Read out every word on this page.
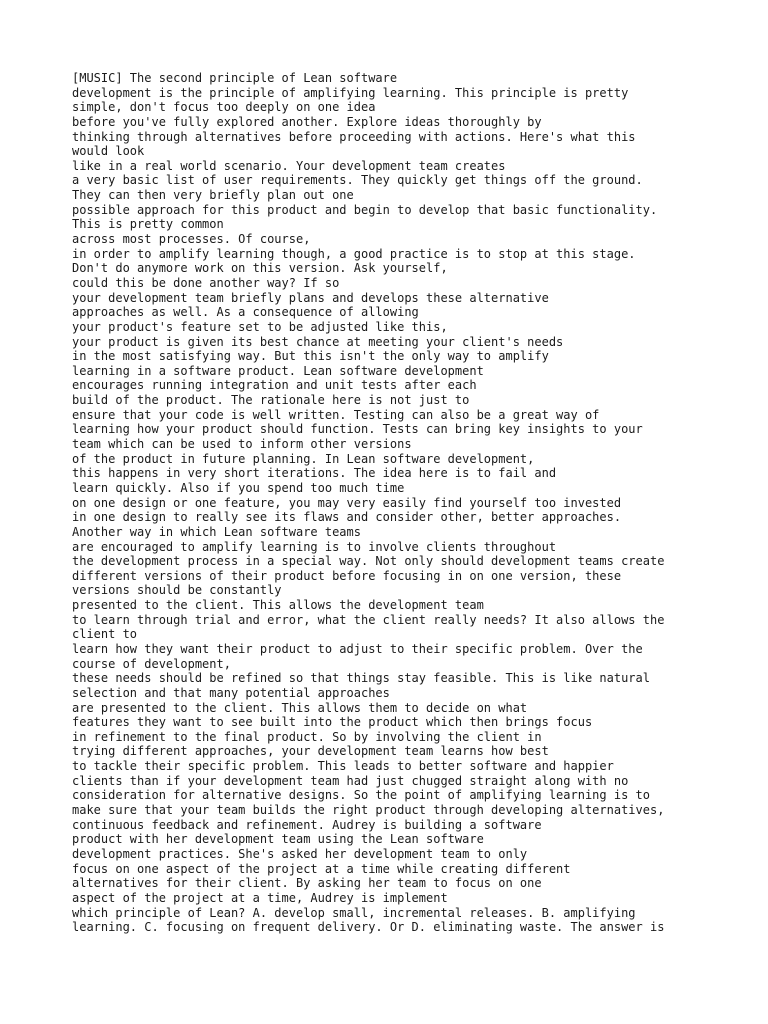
[MUSIC] The second principle of Lean software
development is the principle of amplifying learning. This principle is pretty
simple, don't focus too deeply on one idea
before you've fully explored another. Explore ideas thoroughly by
thinking through alternatives before proceeding with actions. Here's what this
would look
like in a real world scenario. Your development team creates
a very basic list of user requirements. They quickly get things off the ground.
They can then very briefly plan out one
possible approach for this product and begin to develop that basic functionality.
This is pretty common
across most processes. Of course,
in order to amplify learning though, a good practice is to stop at this stage.
Don't do anymore work on this version. Ask yourself,
could this be done another way? If so
your development team briefly plans and develops these alternative
approaches as well. As a consequence of allowing
your product's feature set to be adjusted like this,
your product is given its best chance at meeting your client's needs
in the most satisfying way. But this isn't the only way to amplify
learning in a software product. Lean software development
encourages running integration and unit tests after each
build of the product. The rationale here is not just to
ensure that your code is well written. Testing can also be a great way of
learning how your product should function. Tests can bring key insights to your
team which can be used to inform other versions
of the product in future planning. In Lean software development,
this happens in very short iterations. The idea here is to fail and
learn quickly. Also if you spend too much time
on one design or one feature, you may very easily find yourself too invested
in one design to really see its flaws and consider other, better approaches.
Another way in which Lean software teams
are encouraged to amplify learning is to involve clients throughout
the development process in a special way. Not only should development teams create
different versions of their product before focusing in on one version, these
versions should be constantly
presented to the client. This allows the development team
to learn through trial and error, what the client really needs? It also allows the
client to
learn how they want their product to adjust to their specific problem. Over the
course of development,
these needs should be refined so that things stay feasible. This is like natural
selection and that many potential approaches
are presented to the client. This allows them to decide on what
features they want to see built into the product which then brings focus
in refinement to the final product. So by involving the client in
trying different approaches, your development team learns how best
to tackle their specific problem. This leads to better software and happier
clients than if your development team had just chugged straight along with no
consideration for alternative designs. So the point of amplifying learning is to
make sure that your team builds the right product through developing alternatives,
continuous feedback and refinement. Audrey is building a software
product with her development team using the Lean software
development practices. She's asked her development team to only
focus on one aspect of the project at a time while creating different
alternatives for their client. By asking her team to focus on one
aspect of the project at a time, Audrey is implement
which principle of Lean? A. develop small, incremental releases. B. amplifying
learning. C. focusing on frequent delivery. Or D. eliminating waste. The answer is
